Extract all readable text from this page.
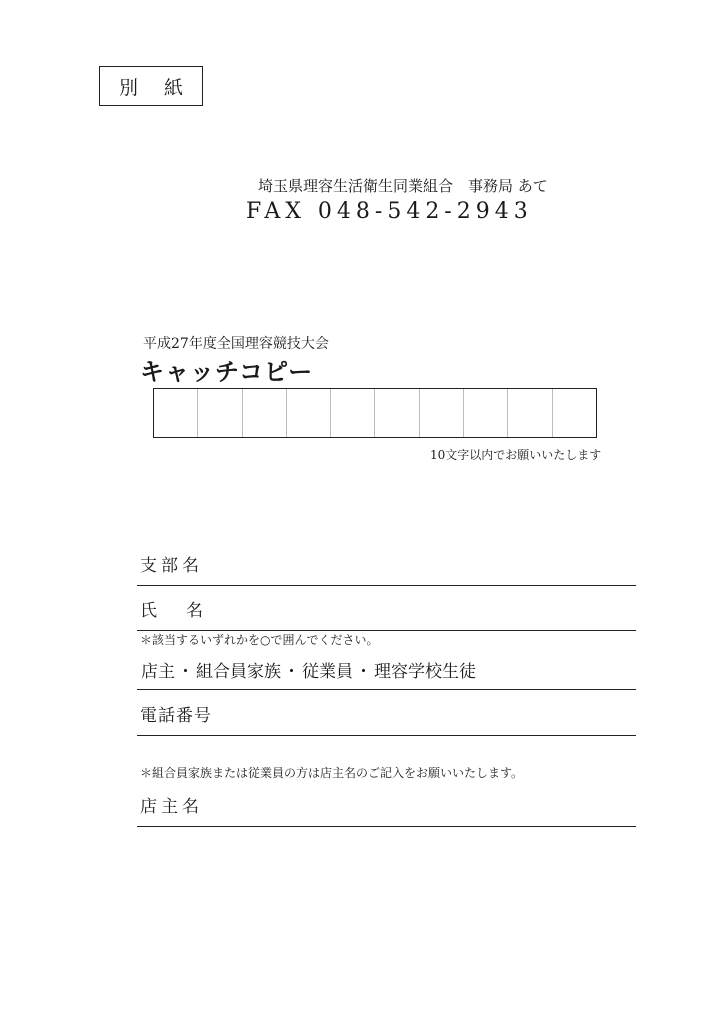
別 紙
埼玉県理容生活衛生同業組合　事務局 あて
FAX 048-542-2943
平成27年度全国理容競技大会
キャッチコピー
10文字以内でお願いいたします
支部名
氏　名
＊該当するいずれかを○で囲んでください。
店主 ・ 組合員家族 ・ 従業員 ・ 理容学校生徒
電話番号
＊組合員家族または従業員の方は店主名のご記入をお願いいたします。
店主名
